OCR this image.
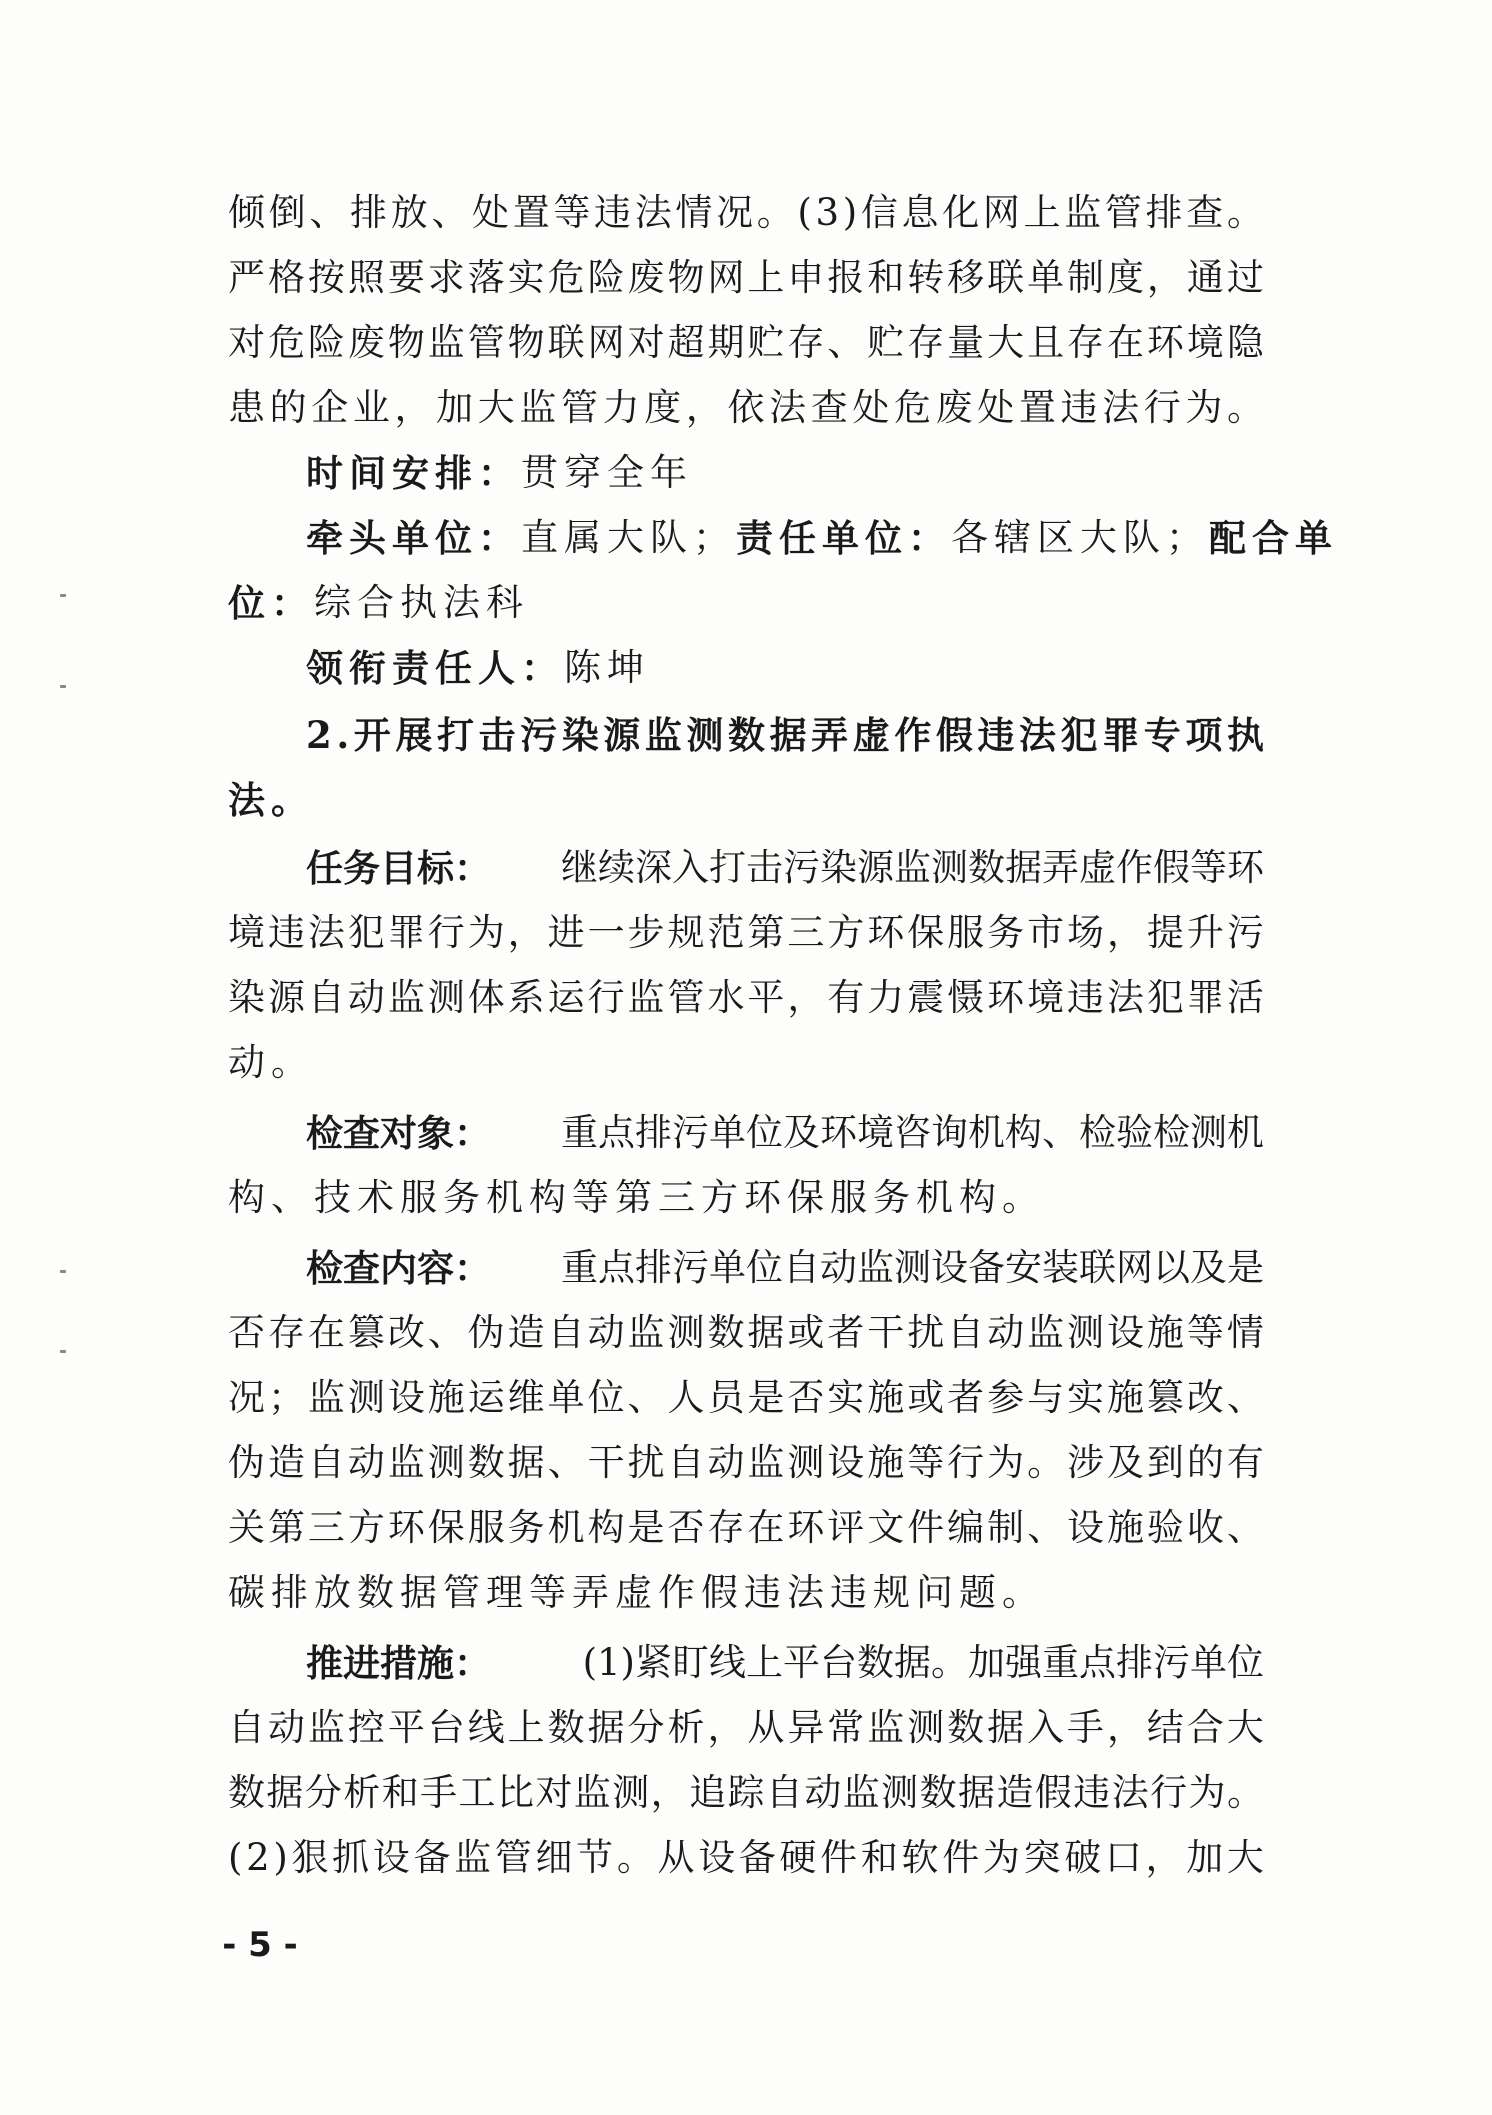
倾 倒 、 排 放 、 处 置 等 违 法 情 况 。 ( 3 ) 信 息 化 网 上 监 管 排 查 。
严 格 按 照 要 求 落 实 危 险 废 物 网 上 申 报 和 转 移 联 单 制 度 ， 通 过
对 危 险 废 物 监 管 物 联 网 对 超 期 贮 存 、 贮 存 量 大 且 存 在 环 境 隐
患 的 企 业 ， 加 大 监 管 力 度 ， 依 法 查 处 危 废 处 置 违 法 行 为 。
时间安排： 贯穿全年
牵头单位： 直属大队； 责任单位： 各辖区大队； 配合单
位： 综合执法科
领衔责任人： 陈坤
2 . 开 展 打 击 污 染 源 监 测 数 据 弄 虚 作 假 违 法 犯 罪 专 项 执
法。
任务目标： 继续深入打击污染源监测数据弄虚作假等环
境 违 法 犯 罪 行 为 ， 进 一 步 规 范 第 三 方 环 保 服 务 市 场 ， 提 升 污
染 源 自 动 监 测 体 系 运 行 监 管 水 平 ， 有 力 震 慑 环 境 违 法 犯 罪 活
动。
检查对象： 重点排污单位及环境咨询机构、检验检测机
构、技术服务机构等第三方环保服务机构。
检查内容： 重点排污单位自动监测设备安装联网以及是
否 存 在 篡 改 、 伪 造 自 动 监 测 数 据 或 者 干 扰 自 动 监 测 设 施 等 情
况 ； 监 测 设 施 运 维 单 位 、 人 员 是 否 实 施 或 者 参 与 实 施 篡 改 、
伪 造 自 动 监 测 数 据 、 干 扰 自 动 监 测 设 施 等 行 为 。 涉 及 到 的 有
关 第 三 方 环 保 服 务 机 构 是 否 存 在 环 评 文 件 编 制 、 设 施 验 收 、
碳排放数据管理等弄虚作假违法违规问题。
推进措施： (1)紧盯线上平台数据。加强重点排污单位
自 动 监 控 平 台 线 上 数 据 分 析 ， 从 异 常 监 测 数 据 入 手 ， 结 合 大
数 据 分 析 和 手 工 比 对 监 测 ， 追 踪 自 动 监 测 数 据 造 假 违 法 行 为 。
( 2 ) 狠 抓 设 备 监 管 细 节 。 从 设 备 硬 件 和 软 件 为 突 破 口 ， 加 大
- 5 -
